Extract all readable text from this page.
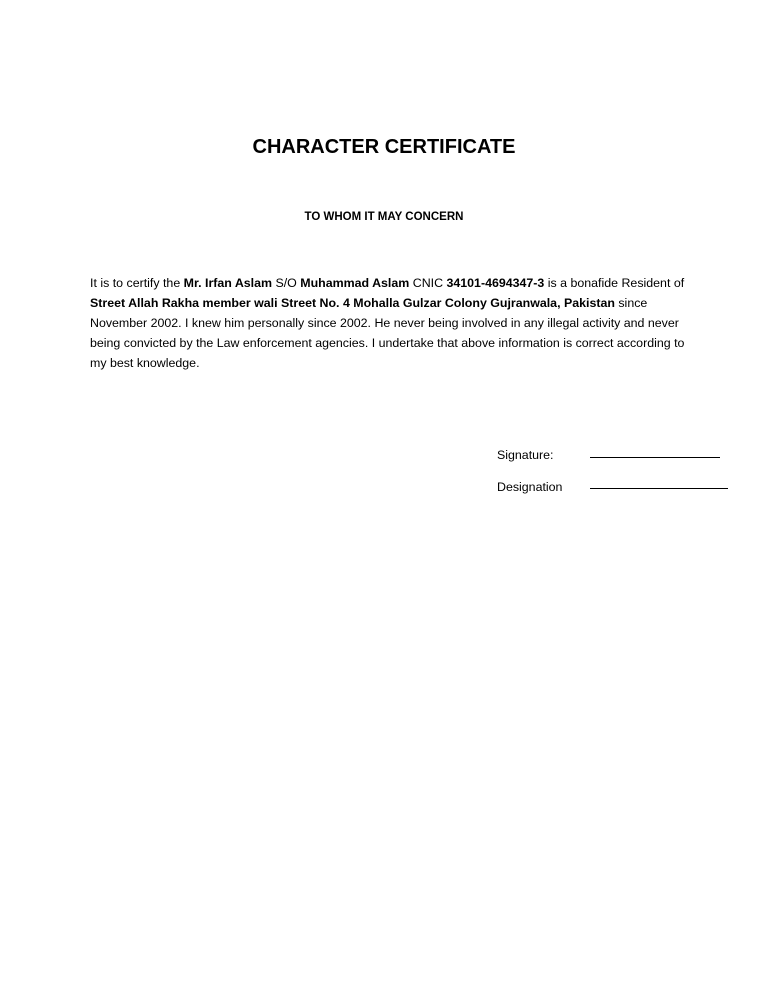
CHARACTER CERTIFICATE

TO WHOM IT MAY CONCERN

It is to certify the Mr. Irfan Aslam S/O Muhammad Aslam CNIC 34101-4694347-3 is a bonafide Resident of Street Allah Rakha member wali Street No. 4 Mohalla Gulzar Colony Gujranwala, Pakistan since November 2002. I knew him personally since 2002. He never being involved in any illegal activity and never being convicted by the Law enforcement agencies. I undertake that above information is correct according to my best knowledge.

Signature:
Designation
